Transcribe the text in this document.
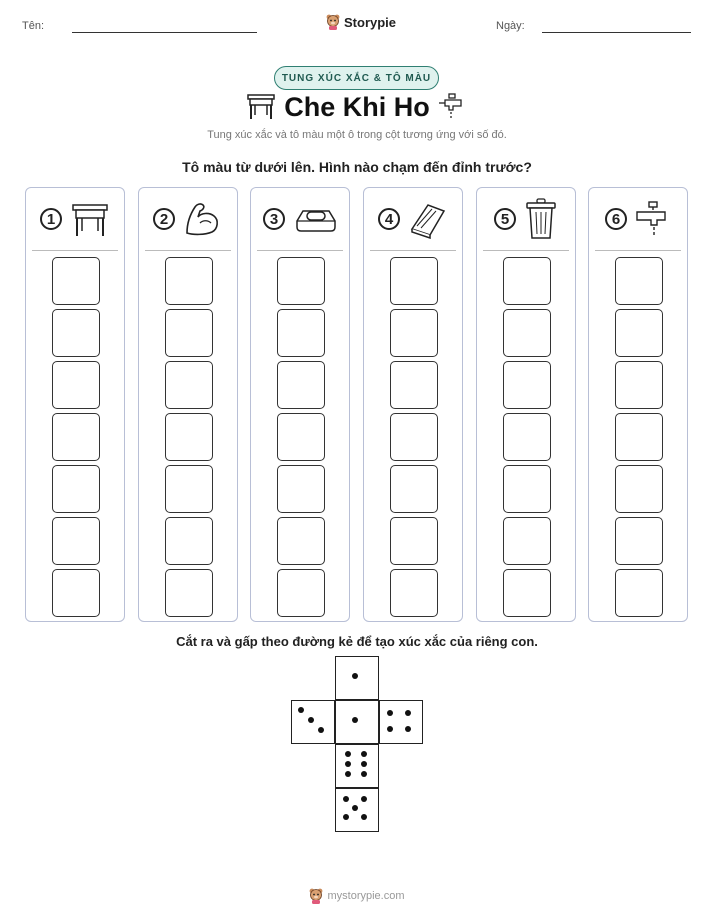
Tên:	Storypie	Ngày:
TUNG XÚC XẮC & TÔ MÀU
Che Khi Ho
Tung xúc xắc và tô màu một ô trong cột tương ứng với số đó.
Tô màu từ dưới lên. Hình nào chạm đến đỉnh trước?
1	2	3	4	5	6
Cắt ra và gấp theo đường kẻ để tạo xúc xắc của riêng con.
mystorypie.com
